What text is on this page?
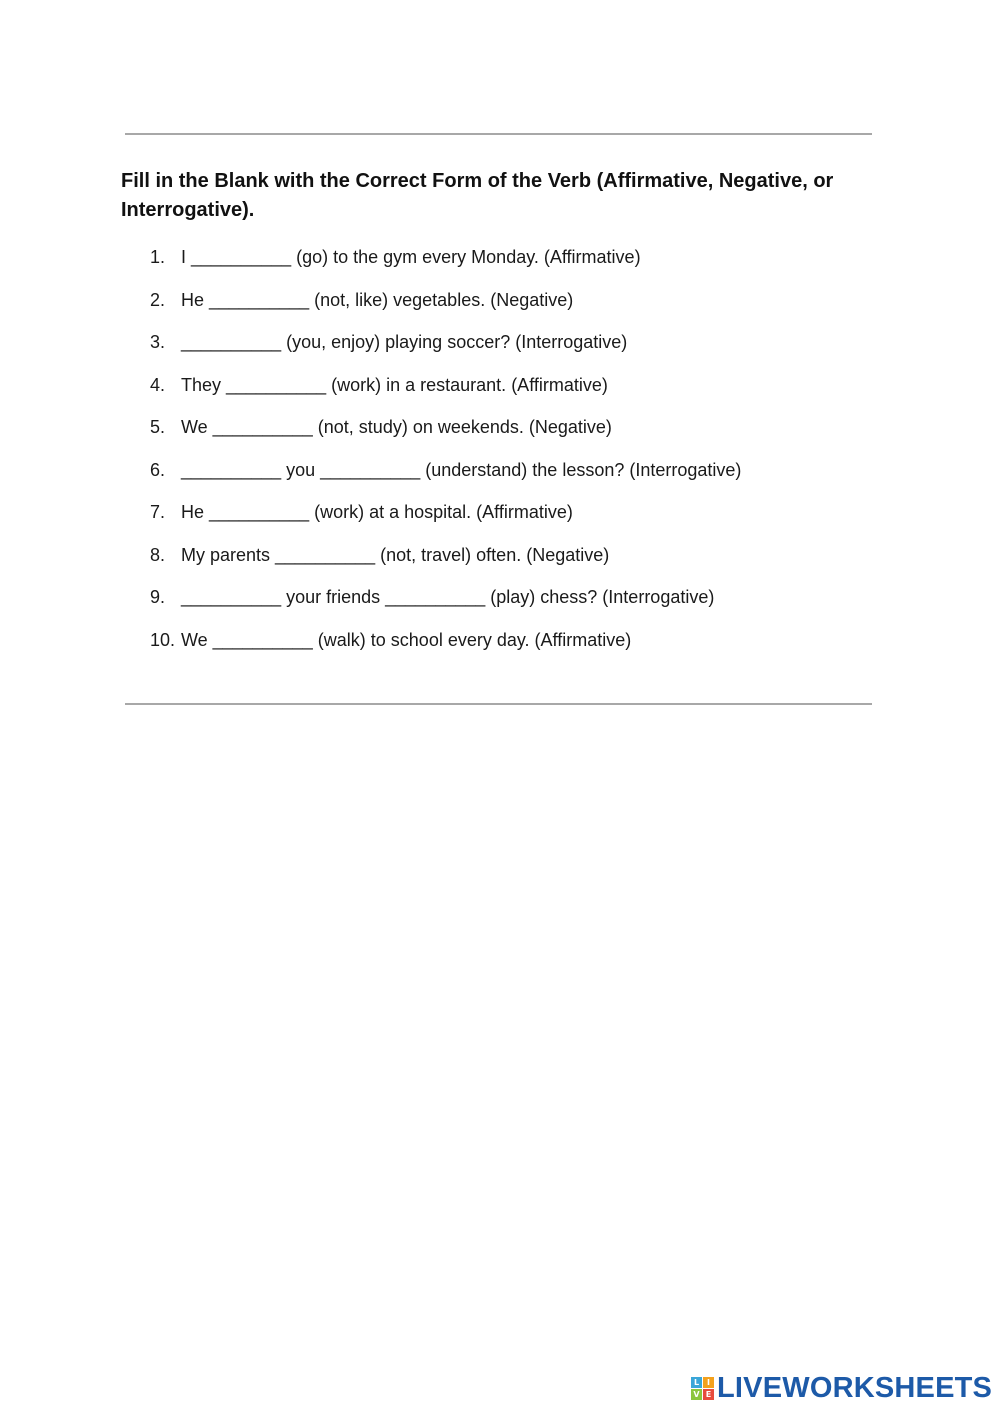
Fill in the Blank with the Correct Form of the Verb (Affirmative, Negative, or Interrogative).
1. I __________ (go) to the gym every Monday. (Affirmative)
2. He __________ (not, like) vegetables. (Negative)
3. __________ (you, enjoy) playing soccer? (Interrogative)
4. They __________ (work) in a restaurant. (Affirmative)
5. We __________ (not, study) on weekends. (Negative)
6. __________ you __________ (understand) the lesson? (Interrogative)
7. He __________ (work) at a hospital. (Affirmative)
8. My parents __________ (not, travel) often. (Negative)
9. __________ your friends __________ (play) chess? (Interrogative)
10. We __________ (walk) to school every day. (Affirmative)
L I
V E LIVEWORKSHEETS
